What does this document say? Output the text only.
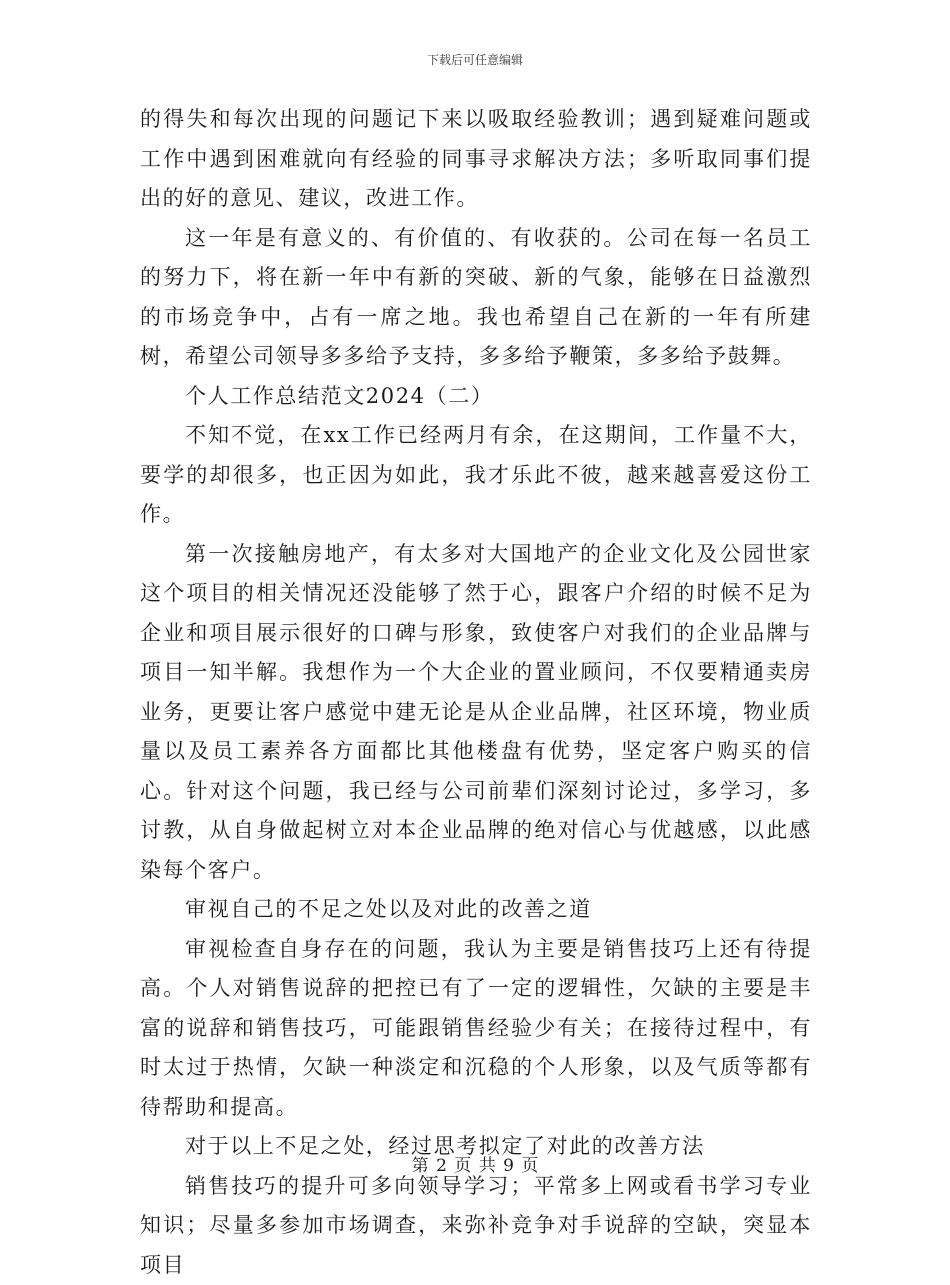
下载后可任意编辑

的得失和每次出现的问题记下来以吸取经验教训；遇到疑难问题或工作中遇到困难就向有经验的同事寻求解决方法；多听取同事们提出的好的意见、建议，改进工作。

这一年是有意义的、有价值的、有收获的。公司在每一名员工的努力下，将在新一年中有新的突破、新的气象，能够在日益激烈的市场竞争中，占有一席之地。我也希望自己在新的一年有所建树，希望公司领导多多给予支持，多多给予鞭策，多多给予鼓舞。

个人工作总结范文2024（二）

不知不觉，在xx工作已经两月有余，在这期间，工作量不大，要学的却很多，也正因为如此，我才乐此不彼，越来越喜爱这份工作。

第一次接触房地产，有太多对大国地产的企业文化及公园世家这个项目的相关情况还没能够了然于心，跟客户介绍的时候不足为企业和项目展示很好的口碑与形象，致使客户对我们的企业品牌与项目一知半解。我想作为一个大企业的置业顾问，不仅要精通卖房业务，更要让客户感觉中建无论是从企业品牌，社区环境，物业质量以及员工素养各方面都比其他楼盘有优势，坚定客户购买的信心。针对这个问题，我已经与公司前辈们深刻讨论过，多学习，多讨教，从自身做起树立对本企业品牌的绝对信心与优越感，以此感染每个客户。

审视自己的不足之处以及对此的改善之道

审视检查自身存在的问题，我认为主要是销售技巧上还有待提高。个人对销售说辞的把控已有了一定的逻辑性，欠缺的主要是丰富的说辞和销售技巧，可能跟销售经验少有关；在接待过程中，有时太过于热情，欠缺一种淡定和沉稳的个人形象，以及气质等都有待帮助和提高。

对于以上不足之处，经过思考拟定了对此的改善方法

销售技巧的提升可多向领导学习；平常多上网或看书学习专业知识；尽量多参加市场调查，来弥补竞争对手说辞的空缺，突显本项目

第 2 页 共 9 页
